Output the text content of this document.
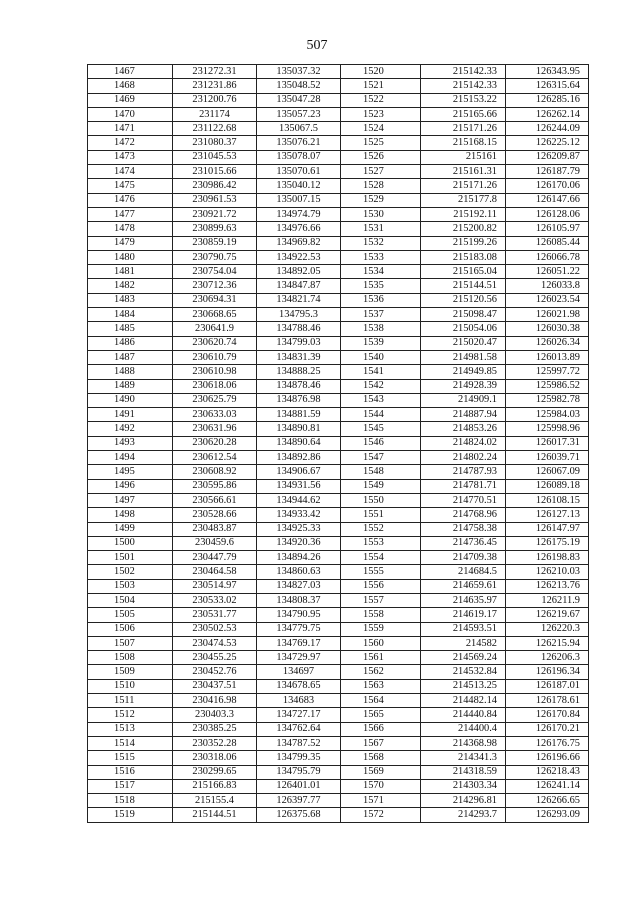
507
1467	231272.31	135037.32	1520	215142.33	126343.95
1468	231231.86	135048.52	1521	215142.33	126315.64
1469	231200.76	135047.28	1522	215153.22	126285.16
1470	231174	135057.23	1523	215165.66	126262.14
1471	231122.68	135067.5	1524	215171.26	126244.09
1472	231080.37	135076.21	1525	215168.15	126225.12
1473	231045.53	135078.07	1526	215161	126209.87
1474	231015.66	135070.61	1527	215161.31	126187.79
1475	230986.42	135040.12	1528	215171.26	126170.06
1476	230961.53	135007.15	1529	215177.8	126147.66
1477	230921.72	134974.79	1530	215192.11	126128.06
1478	230899.63	134976.66	1531	215200.82	126105.97
1479	230859.19	134969.82	1532	215199.26	126085.44
1480	230790.75	134922.53	1533	215183.08	126066.78
1481	230754.04	134892.05	1534	215165.04	126051.22
1482	230712.36	134847.87	1535	215144.51	126033.8
1483	230694.31	134821.74	1536	215120.56	126023.54
1484	230668.65	134795.3	1537	215098.47	126021.98
1485	230641.9	134788.46	1538	215054.06	126030.38
1486	230620.74	134799.03	1539	215020.47	126026.34
1487	230610.79	134831.39	1540	214981.58	126013.89
1488	230610.98	134888.25	1541	214949.85	125997.72
1489	230618.06	134878.46	1542	214928.39	125986.52
1490	230625.79	134876.98	1543	214909.1	125982.78
1491	230633.03	134881.59	1544	214887.94	125984.03
1492	230631.96	134890.81	1545	214853.26	125998.96
1493	230620.28	134890.64	1546	214824.02	126017.31
1494	230612.54	134892.86	1547	214802.24	126039.71
1495	230608.92	134906.67	1548	214787.93	126067.09
1496	230595.86	134931.56	1549	214781.71	126089.18
1497	230566.61	134944.62	1550	214770.51	126108.15
1498	230528.66	134933.42	1551	214768.96	126127.13
1499	230483.87	134925.33	1552	214758.38	126147.97
1500	230459.6	134920.36	1553	214736.45	126175.19
1501	230447.79	134894.26	1554	214709.38	126198.83
1502	230464.58	134860.63	1555	214684.5	126210.03
1503	230514.97	134827.03	1556	214659.61	126213.76
1504	230533.02	134808.37	1557	214635.97	126211.9
1505	230531.77	134790.95	1558	214619.17	126219.67
1506	230502.53	134779.75	1559	214593.51	126220.3
1507	230474.53	134769.17	1560	214582	126215.94
1508	230455.25	134729.97	1561	214569.24	126206.3
1509	230452.76	134697	1562	214532.84	126196.34
1510	230437.51	134678.65	1563	214513.25	126187.01
1511	230416.98	134683	1564	214482.14	126178.61
1512	230403.3	134727.17	1565	214440.84	126170.84
1513	230385.25	134762.64	1566	214400.4	126170.21
1514	230352.28	134787.52	1567	214368.98	126176.75
1515	230318.06	134799.35	1568	214341.3	126196.66
1516	230299.65	134795.79	1569	214318.59	126218.43
1517	215166.83	126401.01	1570	214303.34	126241.14
1518	215155.4	126397.77	1571	214296.81	126266.65
1519	215144.51	126375.68	1572	214293.7	126293.09
